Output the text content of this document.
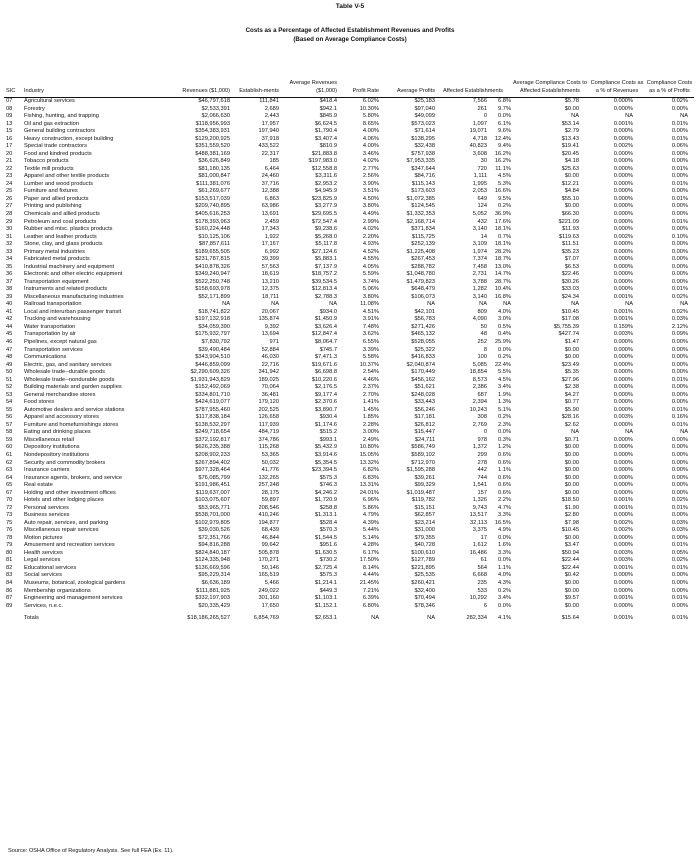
Table V-5
Costs as a Percentage of Affected Establishment Revenues and Profits
(Based on Average Compliance Costs)
SIC	Industry	Revenues ($1,000)	Establish-ments	Average Revenues ($1,000)	Profit Rate	Average Profits	Affected Establishments		Average Compliance Costs to Affected Establishments	Compliance Costs as a % of Revenues	Compliance Costs as a % of Profits
07	Agricultural services	$46,797,618	111,841	$418.4	6.02%	$25,183	7,566	6.8%	$5.78	0.000%	0.02%
08	Forestry	$2,533,391	2,689	$942.1	10.30%	$97,040	261	9.7%	$0.00	0.000%	0.00%
09	Fishing, hunting, and trapping	$2,066,630	2,443	$845.9	5.80%	$49,099	0	0.0%	NA	NA	NA
13	Oil and gas extraction	$118,956,993	17,957	$6,624.5	8.65%	$573,023	1,097	6.1%	$53.14	0.001%	0.01%
15	General building contractors	$354,383,931	197,940	$1,790.4	4.00%	$71,614	19,071	9.6%	$2.79	0.000%	0.00%
16	Heavy construction, except building	$129,200,925	37,918	$3,407.4	4.06%	$138,295	4,718	12.4%	$13.43	0.000%	0.01%
17	Special trade contractors	$351,559,520	433,522	$810.9	4.00%	$32,438	40,823	9.4%	$19.41	0.002%	0.06%
20	Food and kindred products	$488,381,169	22,317	$21,883.8	3.46%	$757,938	3,608	16.2%	$20.45	0.000%	0.00%
21	Tobacco products	$36,626,849	185	$197,983.0	4.02%	$7,953,335	30	16.2%	$4.18	0.000%	0.00%
22	Textile mill products	$81,180,135	6,464	$12,558.8	2.77%	$347,644	720	11.1%	$25.63	0.000%	0.01%
23	Apparel and other textile products	$81,000,847	24,460	$3,311.6	2.56%	$84,716	1,111	4.5%	$0.00	0.000%	0.00%
24	Lumber and wood products	$111,381,076	37,716	$2,953.2	3.90%	$115,143	1,995	5.3%	$12.21	0.000%	0.01%
25	Furniture and fixtures	$61,269,677	12,388	$4,945.9	3.51%	$173,603	2,053	16.6%	$4.84	0.000%	0.00%
26	Paper and allied products	$153,517,039	6,863	$23,825.9	4.50%	$1,072,385	649	9.5%	$55.10	0.000%	0.01%
27	Printing and publishing	$209,740,895	63,986	$3,277.9	3.80%	$124,545	124	0.2%	$0.00	0.000%	0.00%
28	Chemicals and allied products	$405,616,253	13,691	$29,695.5	4.49%	$1,332,353	5,052	36.9%	$66.30	0.000%	0.00%
29	Petroleum and coal products	$178,393,963	2,459	$72,547.4	2.99%	$2,168,714	432	17.6%	$221.09	0.000%	0.01%
30	Rubber and misc. plastics products	$160,224,448	17,343	$9,238.6	4.02%	$371,834	3,140	18.1%	$11.93	0.000%	0.00%
31	Leather and leather products	$10,125,106	1,922	$5,268.0	2.20%	$115,725	14	0.7%	$119.63	0.002%	0.10%
32	Stone, clay, and glass products	$87,857,611	17,167	$5,117.8	4.93%	$252,139	3,109	18.1%	$11.51	0.000%	0.00%
33	Primary metal industries	$189,655,505	6,992	$27,124.6	4.52%	$1,225,408	1,974	28.2%	$35.23	0.000%	0.00%
34	Fabricated metal products	$231,787,815	39,399	$5,883.1	4.55%	$267,453	7,374	18.7%	$7.07	0.000%	0.00%
35	Industrial machinery and equipment	$410,878,326	57,563	$7,137.9	4.05%	$288,782	7,458	13.0%	$6.53	0.000%	0.00%
36	Electronic and other electric equipment	$349,240,947	18,619	$18,757.2	5.59%	$1,048,780	2,731	14.7%	$22.46	0.000%	0.00%
37	Transportation equipment	$522,250,748	13,210	$39,534.5	3.74%	$1,479,823	3,788	28.7%	$30.26	0.000%	0.00%
38	Instruments and related products	$158,693,978	12,375	$12,813.4	5.06%	$648,479	1,282	10.4%	$33.03	0.000%	0.01%
39	Miscellaneous manufacturing industries	$52,171,899	18,711	$2,788.3	3.80%	$106,073	3,140	16.8%	$24.34	0.001%	0.02%
40	Railroad transportation	NA	NA	NA	11.08%	NA	NA	NA	NA	NA	NA
41	Local and interurban passenger transit	$18,741,822	20,067	$934.0	4.51%	$42,101	809	4.0%	$10.45	0.001%	0.02%
42	Trucking and warehousing	$197,132,918	135,874	$1,450.9	3.91%	$56,783	4,090	3.0%	$17.08	0.001%	0.03%
44	Water transportation	$34,059,390	9,392	$3,626.4	7.48%	$271,426	50	0.5%	$5,755.39	0.159%	2.12%
45	Transportation by air	$175,932,797	13,694	$12,847.4	3.62%	$465,132	48	0.4%	$427.74	0.003%	0.09%
46	Pipelines, except natural gas	$7,830,792	971	$8,064.7	6.55%	$528,055	252	25.9%	$1.47	0.000%	0.00%
47	Transportation services	$39,490,484	52,884	$745.7	3.39%	$25,322	8	0.0%	$0.00	0.000%	0.00%
48	Communications	$343,904,510	46,030	$7,471.3	5.58%	$416,833	100	0.2%	$0.00	0.000%	0.00%
49	Electric, gas, and sanitary services	$446,859,099	22,716	$19,671.6	10.37%	$2,040,874	5,085	22.4%	$23.49	0.000%	0.00%
50	Wholesale trade--durable goods	$2,290,609,326	341,942	$6,698.8	2.54%	$170,449	18,854	5.5%	$5.35	0.000%	0.00%
51	Wholesale trade--nondurable goods	$1,931,943,829	189,025	$10,220.6	4.46%	$456,162	8,573	4.5%	$27.96	0.000%	0.01%
52	Building materials and garden supplies	$152,492,069	70,064	$2,176.5	2.37%	$51,621	2,386	3.4%	$2.38	0.000%	0.00%
53	General merchandise stores	$334,801,710	36,481	$9,177.4	2.70%	$248,028	687	1.9%	$4.27	0.000%	0.00%
54	Food stores	$424,619,077	179,120	$2,370.6	1.41%	$33,443	2,394	1.3%	$0.77	0.000%	0.00%
55	Automotive dealers and service stations	$787,955,460	202,525	$3,890.7	1.45%	$56,246	10,243	5.1%	$5.90	0.000%	0.01%
56	Apparel and accessory stores	$117,838,184	126,658	$930.4	1.85%	$17,181	308	0.2%	$28.16	0.003%	0.16%
57	Furniture and homefurnishings stores	$138,532,297	117,939	$1,174.6	2.28%	$26,812	2,769	2.3%	$2.62	0.000%	0.01%
58	Eating and drinking places	$249,718,654	484,719	$515.2	3.00%	$15,447	0	0.0%	NA	NA	NA
59	Miscellaneous retail	$372,192,817	374,786	$993.1	2.49%	$24,711	978	0.3%	$0.71	0.000%	0.00%
60	Depository institutions	$626,235,388	115,268	$5,432.9	10.80%	$586,749	1,372	1.2%	$0.00	0.000%	0.00%
61	Nondepository institutions	$208,902,233	53,365	$3,914.6	15.05%	$589,102	299	0.6%	$0.00	0.000%	0.00%
62	Security and commodity brokers	$267,894,402	50,032	$5,354.5	13.32%	$712,970	278	0.6%	$0.00	0.000%	0.00%
63	Insurance carriers	$977,328,464	41,776	$23,394.5	6.82%	$1,595,288	442	1.1%	$0.00	0.000%	0.00%
64	Insurance agents, brokers, and service	$76,085,799	132,265	$575.3	6.83%	$39,261	744	0.6%	$0.00	0.000%	0.00%
65	Real estate	$191,986,451	257,248	$746.3	13.31%	$99,329	1,541	0.6%	$0.00	0.000%	0.00%
67	Holding and other investment offices	$119,637,007	28,175	$4,246.2	24.01%	$1,019,487	157	0.6%	$0.00	0.000%	0.00%
70	Hotels and other lodging places	$103,075,607	59,897	$1,720.9	6.96%	$119,782	1,326	2.2%	$18.50	0.001%	0.02%
72	Personal services	$53,965,771	208,546	$258.8	5.86%	$15,151	9,743	4.7%	$1.90	0.001%	0.01%
73	Business services	$538,701,000	410,246	$1,313.1	4.79%	$62,857	13,517	3.3%	$2.80	0.000%	0.00%
75	Auto repair, services, and parking	$102,979,805	194,877	$528.4	4.39%	$23,214	32,113	16.5%	$7.98	0.002%	0.03%
76	Miscellaneous repair services	$39,030,526	68,439	$570.3	5.44%	$31,000	3,375	4.9%	$10.45	0.002%	0.03%
78	Motion pictures	$72,351,766	46,844	$1,544.5	5.14%	$79,355	17	0.0%	$0.00	0.000%	0.00%
79	Amusement and recreation services	$94,816,288	99,642	$951.6	4.28%	$40,728	1,612	1.6%	$3.47	0.000%	0.01%
80	Health services	$824,840,187	505,878	$1,630.5	6.17%	$100,610	16,486	3.3%	$50.94	0.003%	0.05%
81	Legal services	$124,335,948	170,271	$730.2	17.50%	$127,789	61	0.0%	$22.44	0.003%	0.02%
82	Educational services	$136,669,596	50,146	$2,725.4	8.14%	$221,895	564	1.1%	$22.44	0.001%	0.01%
83	Social services	$95,229,314	165,519	$575.3	4.44%	$25,535	6,668	4.0%	$0.42	0.000%	0.00%
84	Museums, botanical, zoological gardens	$6,636,189	5,466	$1,214.1	21.45%	$260,421	235	4.3%	$0.00	0.000%	0.00%
86	Membership organizations	$111,881,925	249,022	$449.3	7.21%	$32,400	533	0.2%	$0.00	0.000%	0.00%
87	Engineering and management services	$332,197,903	301,160	$1,103.1	6.39%	$70,494	10,292	3.4%	$9.57	0.001%	0.01%
89	Services, n.e.c.	$20,335,429	17,650	$1,152.1	6.80%	$78,346	6	0.0%	$0.00	0.000%	0.00%
	Totals	$18,186,265,527	6,854,769	$2,653.1	NA	NA	282,334	4.1%	$15.64	0.001%	0.01%
Source: OSHA Office of Regulatory Analysis. See full FEA (Ex. 11).
